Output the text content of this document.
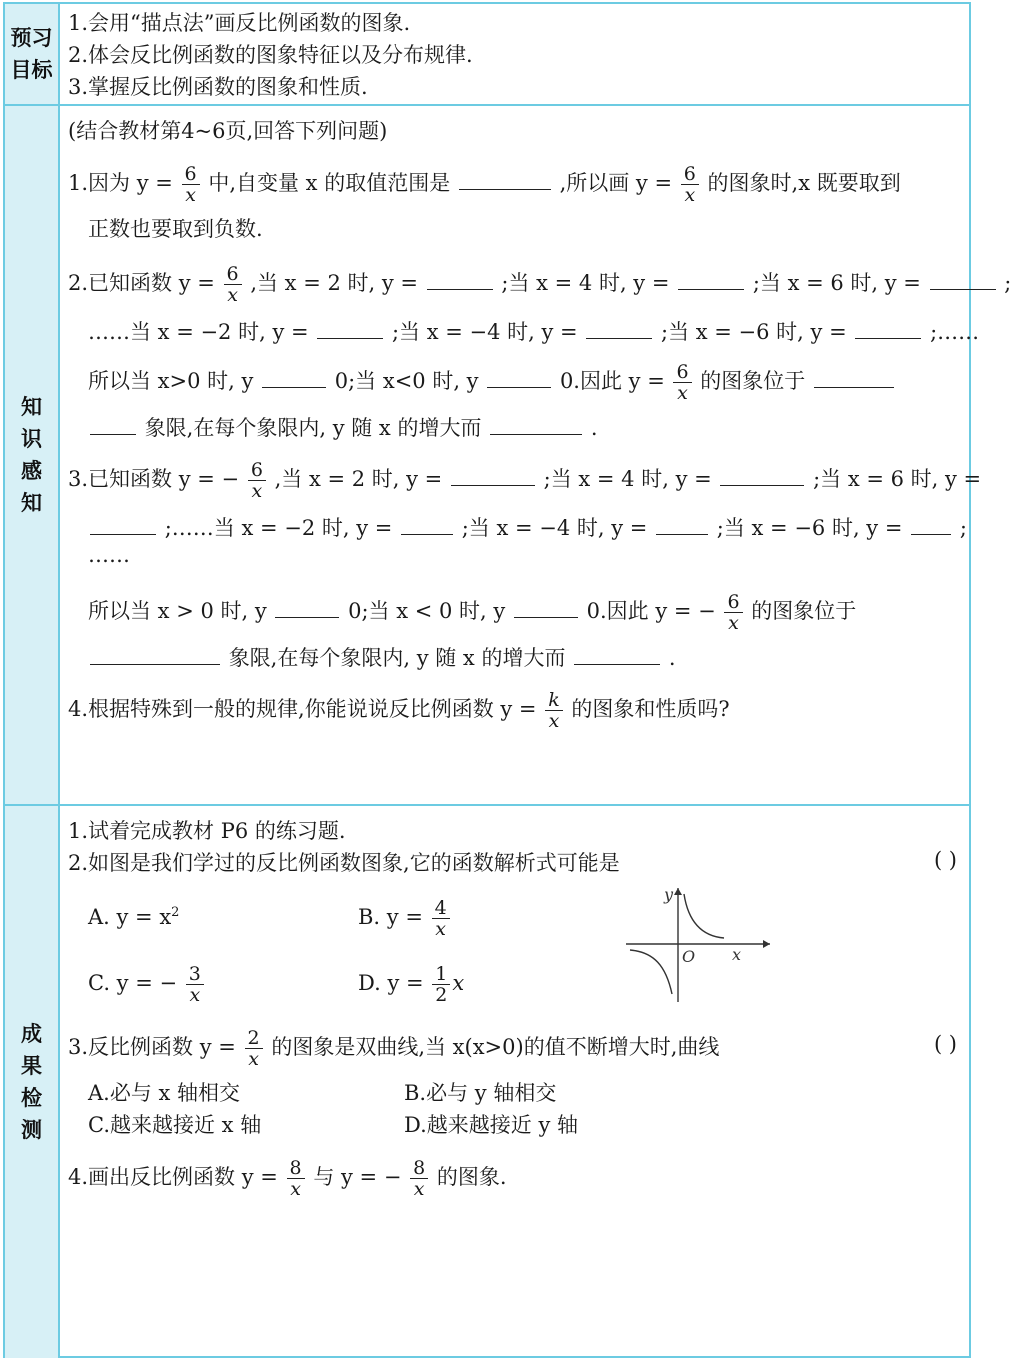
预习目标
1.会用“描点法”画反比例函数的图象.
2.体会反比例函数的图象特征以及分布规律.
3.掌握反比例函数的图象和性质.
知识感知
(结合教材第4~6页,回答下列问题)
1.因为 $y = \frac{6}{x}$ 中,自变量 x 的取值范围是	,所以画 $y = \frac{6}{x}$ 的图象时,x 既要取到
正数也要取到负数.
2.已知函数 $y = \frac{6}{x}$ ,当 x = 2 时, y =	;当 x = 4 时, y =	;当 x = 6 时, y =	;
……当 x = −2 时, y =	;当 x = −4 时, y =	;当 x = −6 时, y =	;……
所以当 x>0 时, y	0;当 x<0 时, y	0.因此 $y = \frac{6}{x}$ 的图象位于
象限,在每个象限内, y 随 x 的增大而	.
3.已知函数 y = − $\frac{6}{x}$ ,当 x = 2 时, y =	;当 x = 4 时, y =	;当 x = 6 时, y =
;……当 x = −2 时, y =	;当 x = −4 时, y =	;当 x = −6 时, y =	;
……
所以当 x > 0 时, y	0;当 x < 0 时, y	0.因此 y = − $\frac{6}{x}$ 的图象位于
象限,在每个象限内, y 随 x 的增大而	.
4.根据特殊到一般的规律,你能说说反比例函数 $y = \frac{k}{x}$ 的图象和性质吗?
成果检测
1.试着完成教材 P6 的练习题.
2.如图是我们学过的反比例函数图象,它的函数解析式可能是	( )
A. $y = x^2$	B. $y = \frac{4}{x}$
C. y = − $\frac{3}{x}$	D. $y = \frac{1}{2}$ x
y
x
O
3.反比例函数 $y = \frac{2}{x}$ 的图象是双曲线,当 x(x>0)的值不断增大时,曲线	( )
A.必与 x 轴相交	B.必与 y 轴相交
C.越来越接近 x 轴	D.越来越接近 y 轴
4.画出反比例函数 $y = \frac{8}{x}$ 与 y = − $\frac{8}{x}$ 的图象.
